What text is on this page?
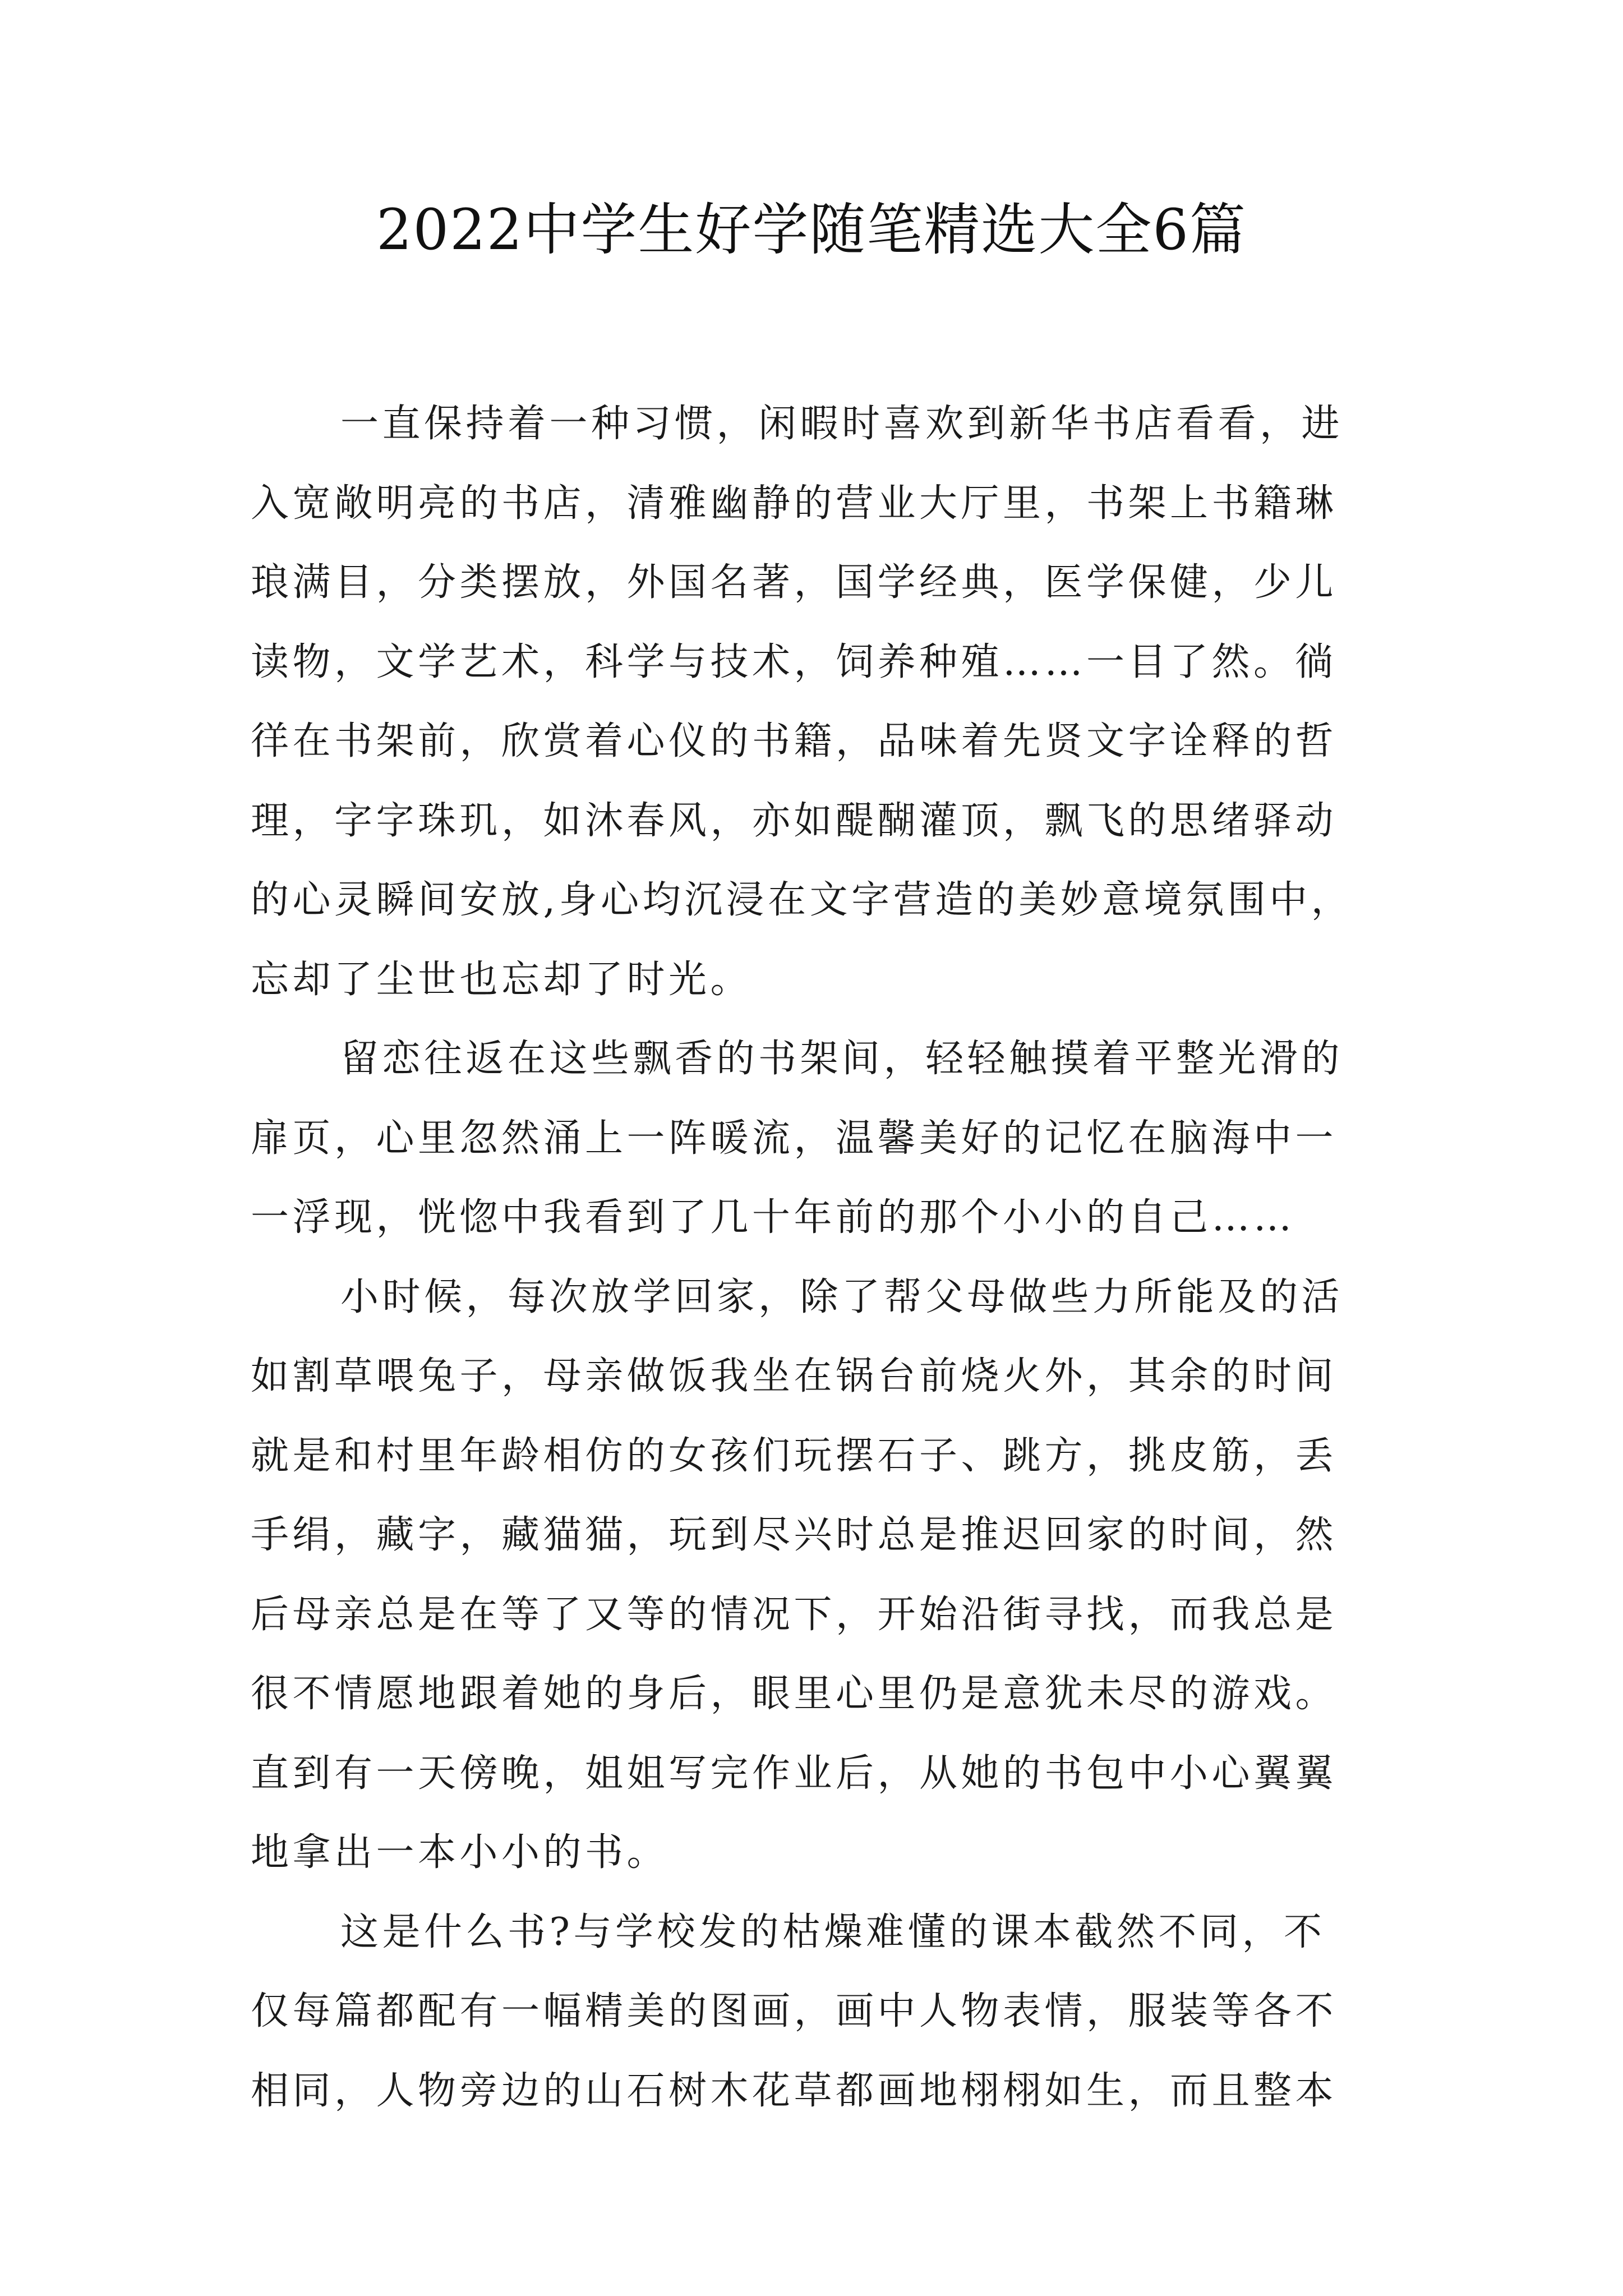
2022中学生好学随笔精选大全6篇
一直保持着一种习惯，闲暇时喜欢到新华书店看看，进
入宽敞明亮的书店，清雅幽静的营业大厅里，书架上书籍琳
琅满目，分类摆放，外国名著，国学经典，医学保健，少儿
读物，文学艺术，科学与技术，饲养种殖……一目了然。徜
徉在书架前，欣赏着心仪的书籍，品味着先贤文字诠释的哲
理，字字珠玑，如沐春风，亦如醍醐灌顶，飘飞的思绪驿动
的心灵瞬间安放,身心均沉浸在文字营造的美妙意境氛围中，
忘却了尘世也忘却了时光。
留恋往返在这些飘香的书架间，轻轻触摸着平整光滑的
扉页，心里忽然涌上一阵暖流，温馨美好的记忆在脑海中一
一浮现，恍惚中我看到了几十年前的那个小小的自己……
小时候，每次放学回家，除了帮父母做些力所能及的活
如割草喂兔子，母亲做饭我坐在锅台前烧火外，其余的时间
就是和村里年龄相仿的女孩们玩摆石子、跳方，挑皮筋，丢
手绢，藏字，藏猫猫，玩到尽兴时总是推迟回家的时间，然
后母亲总是在等了又等的情况下，开始沿街寻找，而我总是
很不情愿地跟着她的身后，眼里心里仍是意犹未尽的游戏。
直到有一天傍晚，姐姐写完作业后，从她的书包中小心翼翼
地拿出一本小小的书。
这是什么书?与学校发的枯燥难懂的课本截然不同，不
仅每篇都配有一幅精美的图画，画中人物表情，服装等各不
相同，人物旁边的山石树木花草都画地栩栩如生，而且整本
